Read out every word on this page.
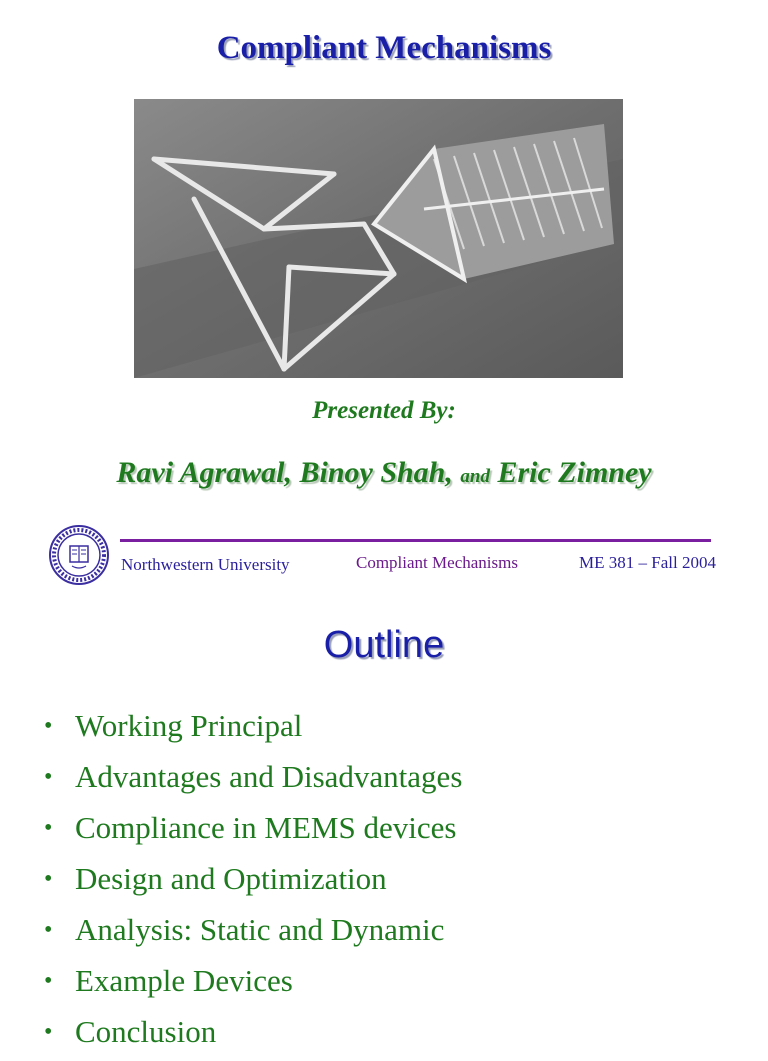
Compliant Mechanisms
Presented By:
Ravi Agrawal, Binoy Shah, and Eric Zimney
Northwestern University	Compliant Mechanisms	ME 381 – Fall 2004
Outline
• Working Principal
• Advantages and Disadvantages
• Compliance in MEMS devices
• Design and Optimization
• Analysis: Static and Dynamic
• Example Devices
• Conclusion
